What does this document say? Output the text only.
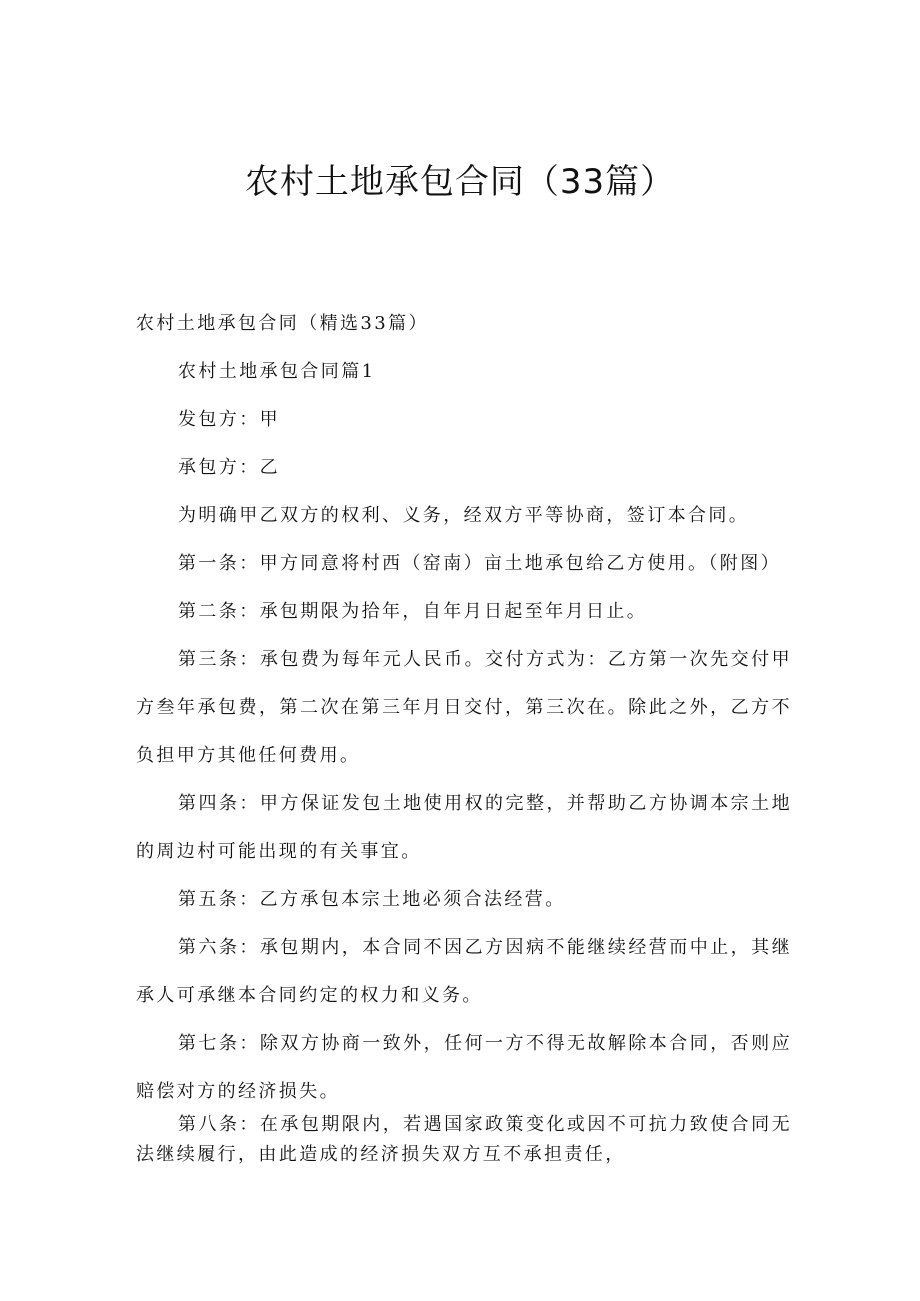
农村土地承包合同（33篇）

农村土地承包合同（精选33篇）

农村土地承包合同篇1

发包方：甲

承包方：乙

为明确甲乙双方的权利、义务，经双方平等协商，签订本合同。

第一条：甲方同意将村西（窑南）亩土地承包给乙方使用。（附图）

第二条：承包期限为拾年，自年月日起至年月日止。

第三条：承包费为每年元人民币。交付方式为：乙方第一次先交付甲方叁年承包费，第二次在第三年月日交付，第三次在。除此之外，乙方不负担甲方其他任何费用。

第四条：甲方保证发包土地使用权的完整，并帮助乙方协调本宗土地的周边村可能出现的有关事宜。

第五条：乙方承包本宗土地必须合法经营。

第六条：承包期内，本合同不因乙方因病不能继续经营而中止，其继承人可承继本合同约定的权力和义务。

第七条：除双方协商一致外，任何一方不得无故解除本合同，否则应赔偿对方的经济损失。

第八条：在承包期限内，若遇国家政策变化或因不可抗力致使合同无法继续履行，由此造成的经济损失双方互不承担责任，
